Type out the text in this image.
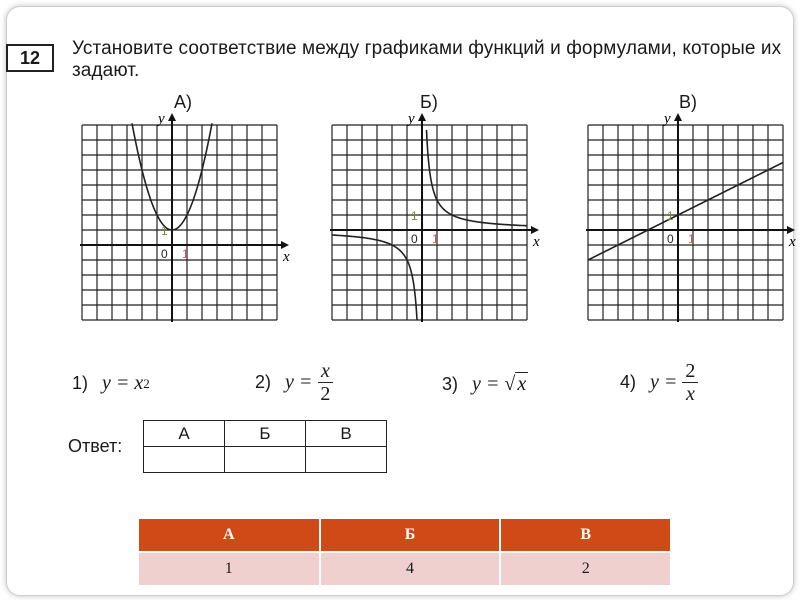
12	Установите соответствие между графиками функций и формулами, которые их задают.
А)	Б)	В)
x
y
0 1
1
x
y
0 1
1
x
y
0 1
1
1) y =
x 2	2) $y = \frac{x}{2}$	3) y =
√ x	4) $y = \frac{2}{x}$
Ответ:
А	Б	В

А	Б	В
1	4	2
